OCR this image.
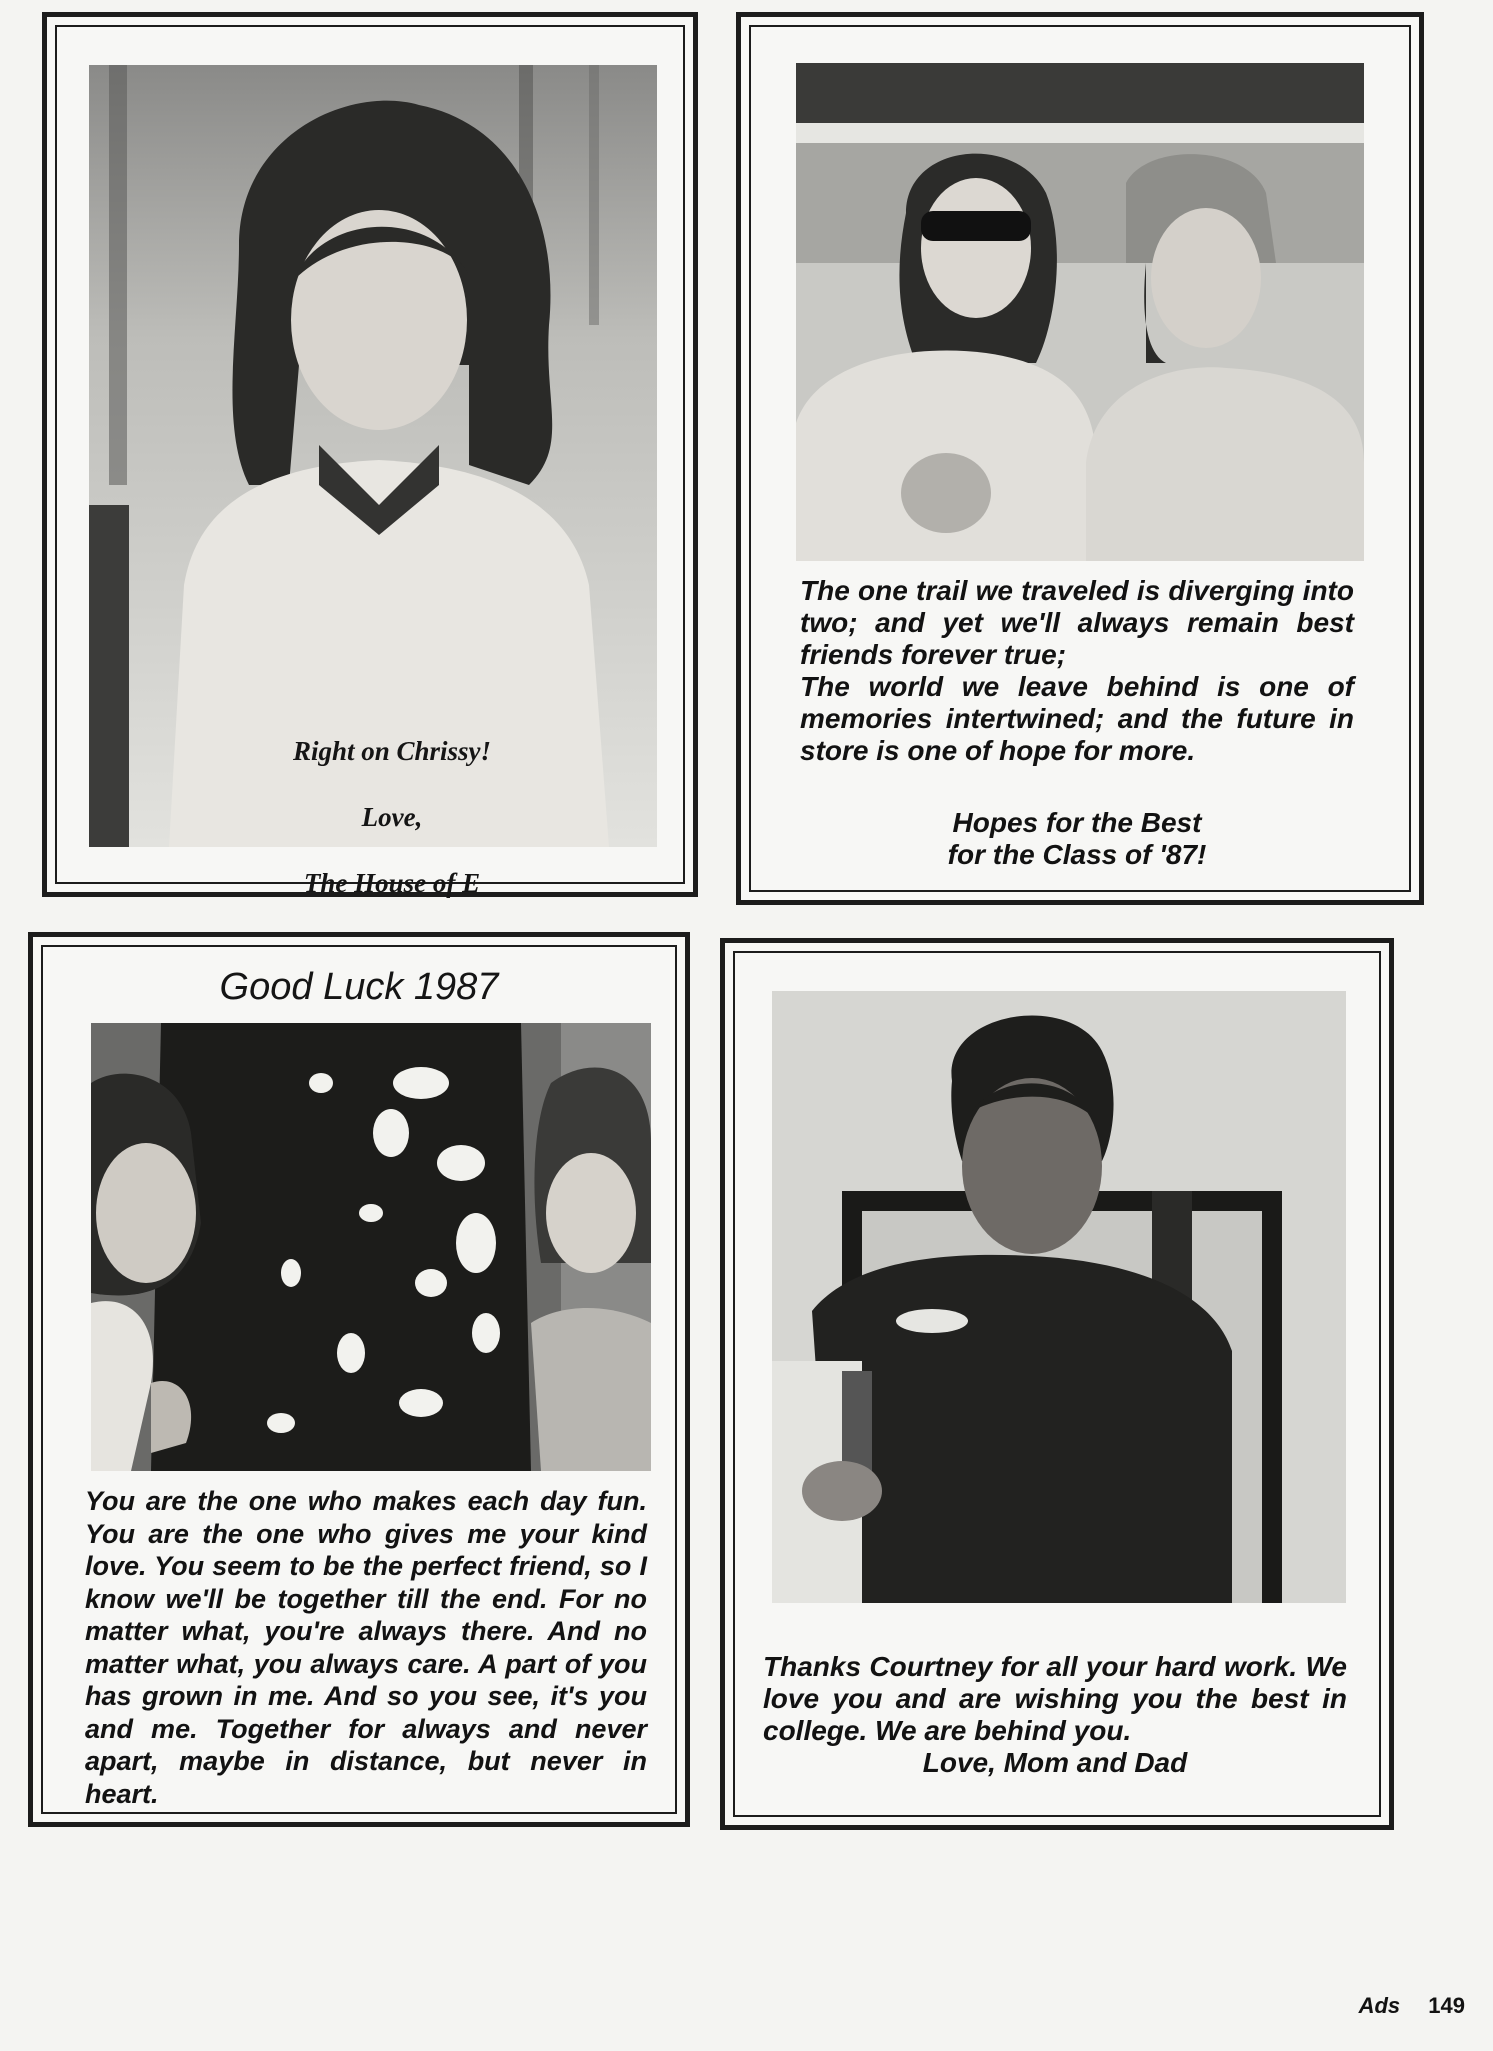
Right on Chrissy!

Love,

The House of E

The one trail we traveled is diverging into two; and yet we'll always remain best friends forever true;
The world we leave behind is one of memories intertwined; and the future in store is one of hope for more.
Hopes for the Best
for the Class of '87!
Good Luck 1987
You are the one who makes each day fun. You are the one who gives me your kind love. You seem to be the perfect friend, so I know we'll be together till the end. For no matter what, you're always there. And no matter what, you always care. A part of you has grown in me. And so you see, it's you and me. Together for always and never apart, maybe in distance, but never in heart.
Thanks Courtney for all your hard work. We love you and are wishing you the best in college. We are behind you.
Love, Mom and Dad
Ads 149
